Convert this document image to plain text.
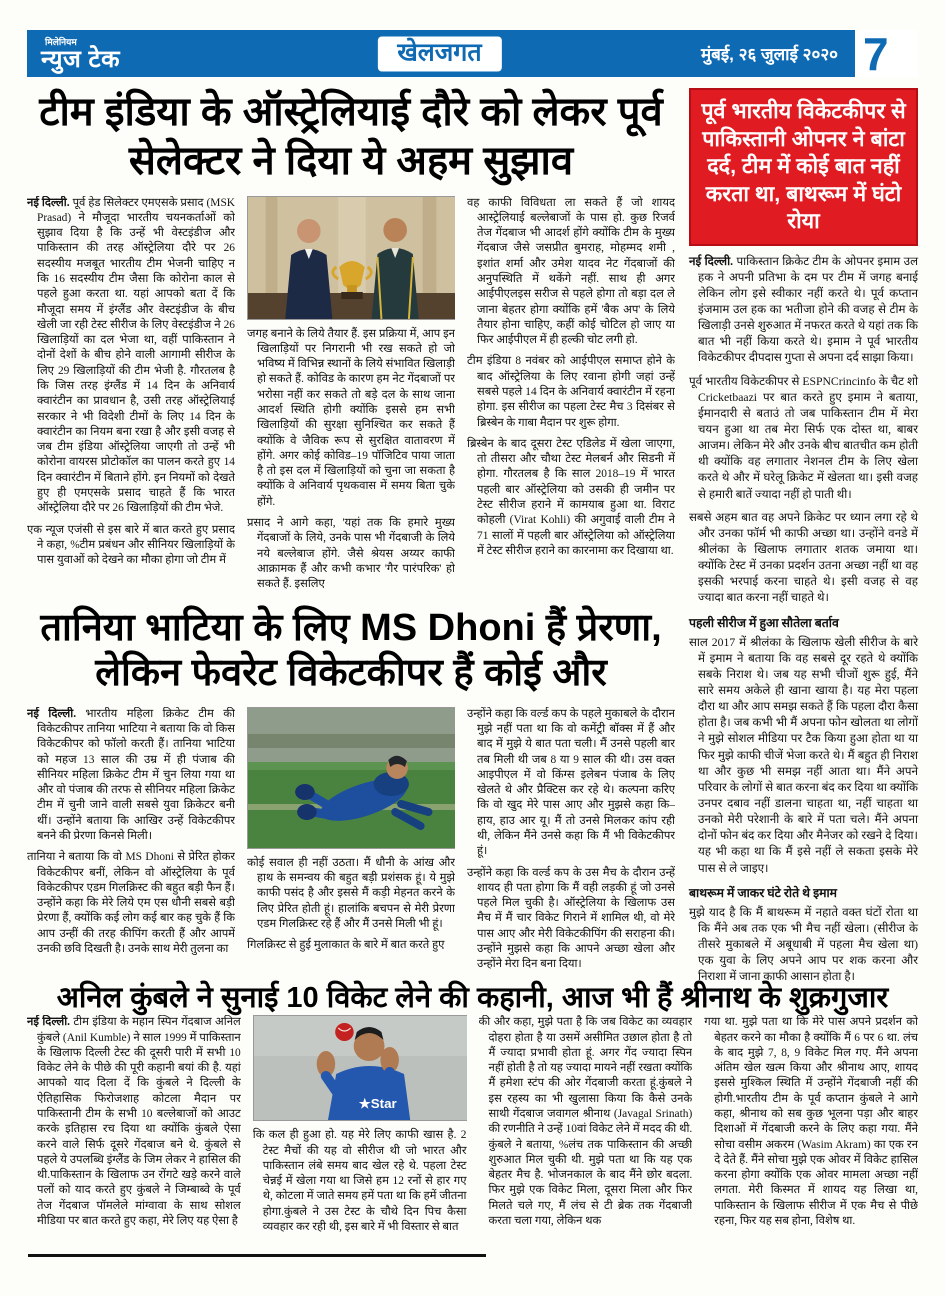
मिलेनियम
न्युज टेक	खेलजगत	मुंबई, २६ जुलाई २०२० 7
टीम इंडिया के ऑस्ट्रेलियाई दौरे को लेकर पूर्व सेलेक्टर ने दिया ये अहम सुझाव

नई दिल्ली. पूर्व हेड सिलेक्टर एमएसके प्रसाद (MSK Prasad) ने मौजूदा भारतीय चयनकर्ताओं को सुझाव दिया है कि उन्हें भी वेस्टइंडीज और पाकिस्तान की तरह ऑस्ट्रेलिया दौरे पर 26 सदस्यीय मजबूत भारतीय टीम भेजनी चाहिए न कि 16 सदस्यीय टीम जैसा कि कोरोना काल से पहले हुआ करता था. यहां आपको बता दें कि मौजूदा समय में इंग्लैंड और वेस्टइंडीज के बीच खेली जा रही टेस्ट सीरीज के लिए वेस्टइंडीज ने 26 खिलाड़ियों का दल भेजा था, वहीं पाकिस्तान ने दोनों देशों के बीच होने वाली आगामी सीरीज के लिए 29 खिलाड़ियों की टीम भेजी है. गौरतलब है कि जिस तरह इंग्लैंड में 14 दिन के अनिवार्य क्वारंटीन का प्रावधान है, उसी तरह ऑस्ट्रेलियाई सरकार ने भी विदेशी टीमों के लिए 14 दिन के क्वारंटीन का नियम बना रखा है और इसी वजह से जब टीम इंडिया ऑस्ट्रेलिया जाएगी तो उन्हें भी कोरोना वायरस प्रोटोकॉल का पालन करते हुए 14 दिन क्वारंटीन में बिताने होंगे. इन नियमों को देखते हुए ही एमएसके प्रसाद चाहते हैं कि भारत ऑस्ट्रेलिया दौरे पर 26 खिलाड़ियों की टीम भेजे.

एक न्यूज एजंसी से इस बारे में बात करते हुए प्रसाद ने कहा, %टीम प्रबंधन और सीनियर खिलाड़ियों के पास युवाओं को देखने का मौका होगा जो टीम में

जगह बनाने के लिये तैयार हैं. इस प्रक्रिया में, आप इन खिलाड़ियों पर निगरानी भी रख सकते हो जो भविष्य में विभिन्न स्थानों के लिये संभावित खिलाड़ी हो सकते हैं. कोविड के कारण हम नेट गेंदबाजों पर भरोसा नहीं कर सकते तो बड़े दल के साथ जाना आदर्श स्थिति होगी क्योंकि इससे हम सभी खिलाड़ियों की सुरक्षा सुनिश्चित कर सकते हैं क्योंकि वे जैविक रूप से सुरक्षित वातावरण में होंगे. अगर कोई कोविड–19 पॉजिटिव पाया जाता है तो इस दल में खिलाड़ियों को चुना जा सकता है क्योंकि वे अनिवार्य पृथकवास में समय बिता चुके होंगे.

प्रसाद ने आगे कहा, 'यहां तक कि हमारे मुख्य गेंदबाजों के लिये, उनके पास भी गेंदबाजी के लिये नये बल्लेबाज होंगे. जैसे श्रेयस अय्यर काफी आक्रामक हैं और कभी कभार 'गैर पारंपरिक' हो सकते हैं. इसलिए

वह काफी विविधता ला सकते हैं जो शायद आस्ट्रेलियाई बल्लेबाजों के पास हो. कुछ रिजर्व तेज गेंदबाज भी आदर्श होंगे क्योंकि टीम के मुख्य गेंदबाज जैसे जसप्रीत बुमराह, मोहम्मद शमी , इशांत शर्मा और उमेश यादव नेट गेंदबाजों की अनुपस्थिति में थकेंगे नहीं. साथ ही अगर आईपीएलइस सरीज से पहले होगा तो बड़ा दल ले जाना बेहतर होगा क्योंकि हमें 'बैक अप' के लिये तैयार होना चाहिए, कहीं कोई चोटिल हो जाए या फिर आईपीएल में ही हल्की चोट लगी हो.

टीम इंडिया 8 नवंबर को आईपीएल समाप्त होने के बाद ऑस्ट्रेलिया के लिए रवाना होगी जहां उन्हें सबसे पहले 14 दिन के अनिवार्य क्वारंटीन में रहना होगा. इस सीरीज का पहला टेस्ट मैच 3 दिसंबर से ब्रिस्बेन के गाबा मैदान पर शुरू होगा.

ब्रिस्बेन के बाद दूसरा टेस्ट एडिलेड में खेला जाएगा, तो तीसरा और चौथा टेस्ट मेलबर्न और सिडनी में होगा. गौरतलब है कि साल 2018–19 में भारत पहली बार ऑस्ट्रेलिया को उसकी ही जमीन पर टेस्ट सीरीज हराने में कामयाब हुआ था. विराट कोहली (Virat Kohli) की अगुवाई वाली टीम ने 71 सालों में पहली बार ऑस्ट्रेलिया को ऑस्ट्रेलिया में टेस्ट सीरीज हराने का कारनामा कर दिखाया था.

तानिया भाटिया के लिए MS Dhoni हैं प्रेरणा, लेकिन फेवरेट विकेटकीपर हैं कोई और

नई दिल्ली. भारतीय महिला क्रिकेट टीम की विकेटकीपर तानिया भाटिया ने बताया कि वो किस विकेटकीपर को फॉलो करती हैं। तानिया भाटिया को महज 13 साल की उम्र में ही पंजाब की सीनियर महिला क्रिकेट टीम में चुन लिया गया था और वो पंजाब की तरफ से सीनियर महिला क्रिकेट टीम में चुनी जाने वाली सबसे युवा क्रिकेटर बनी थीं। उन्होंने बताया कि आखिर उन्हें विकेटकीपर बनने की प्रेरणा किनसे मिली।

तानिया ने बताया कि वो MS Dhoni से प्रेरित होकर विकेटकीपर बनीं, लेकिन वो ऑस्ट्रेलिया के पूर्व विकेटकीपर एडम गिलक्रिस्ट की बहुत बड़ी फैन हैं। उन्होंने कहा कि मेरे लिये एम एस धौनी सबसे बड़ी प्रेरणा हैं, क्योंकि कई लोग कई बार कह चुके हैं कि आप उन्हीं की तरह कीपिंग करती हैं और आपमें उनकी छवि दिखती है। उनके साथ मेरी तुलना का

कोई सवाल ही नहीं उठता। मैं धौनी के आंख और हाथ के समन्वय की बहुत बड़ी प्रशंसक हूं। ये मुझे काफी पसंद है और इससे मैं कड़ी मेहनत करने के लिए प्रेरित होती हूं। हालांकि बचपन से मेरी प्रेरणा एडम गिलक्रिस्ट रहे हैं और मैं उनसे मिली भी हूं।

गिलक्रिस्ट से हुई मुलाकात के बारे में बात करते हुए

उन्होंने कहा कि वर्ल्ड कप के पहले मुकाबले के दौरान मुझे नहीं पता था कि वो कमेंट्री बॉक्स में हैं और बाद में मुझे ये बात पता चली। मैं उनसे पहली बार तब मिली थी जब 8 या 9 साल की थी। उस वक्त आइपीएल में वो किंग्स इलेबन पंजाब के लिए खेलते थे और प्रैक्टिस कर रहे थे। कल्पना करिए कि वो खुद मेरे पास आए और मुझसे कहा कि– हाय, हाउ आर यू। मैं तो उनसे मिलकर कांप रही थी, लेकिन मैंने उनसे कहा कि मैं भी विकेटकीपर हूं।

उन्होंने कहा कि वर्ल्ड कप के उस मैच के दौरान उन्हें शायद ही पता होगा कि मैं वही लड़की हूं जो उनसे पहले मिल चुकी है। ऑस्ट्रेलिया के खिलाफ उस मैच में मैं चार विकेट गिराने में शामिल थी, वो मेरे पास आए और मेरी विकेटकीपिंग की सराहना की। उन्होंने मुझसे कहा कि आपने अच्छा खेला और उन्होंने मेरा दिन बना दिया।

पूर्व भारतीय विकेटकीपर से पाकिस्तानी ओपनर ने बांटा दर्द, टीम में कोई बात नहीं करता था, बाथरूम में घंटो रोया

नई दिल्ली. पाकिस्तान क्रिकेट टीम के ओपनर इमाम उल हक ने अपनी प्रतिभा के दम पर टीम में जगह बनाई लेकिन लोग इसे स्वीकार नहीं करते थे। पूर्व कप्तान इंजमाम उल हक का भतीजा होने की वजह से टीम के खिलाड़ी उनसे शुरुआत में नफरत करते थे यहां तक कि बात भी नहीं किया करते थे। इमाम ने पूर्व भारतीय विकेटकीपर दीपदास गुप्ता से अपना दर्द साझा किया।

पूर्व भारतीय विकेटकीपर से ESPNCrincinfo के चैट शो Cricketbaazi पर बात करते हुए इमाम ने बताया, ईमानदारी से बताउं तो जब पाकिस्तान टीम में मेरा चयन हुआ था तब मेरा सिर्फ एक दोस्त था, बाबर आजम। लेकिन मेरे और उनके बीच बातचीत कम होती थी क्योंकि वह लगातार नेशनल टीम के लिए खेला करते थे और में घरेलू क्रिकेट में खेलता था। इसी वजह से हमारी बातें ज्यादा नहीं हो पाती थी।

सबसे अहम बात वह अपने क्रिकेट पर ध्यान लगा रहे थे और उनका फॉर्म भी काफी अच्छा था। उन्होंने वनडे में श्रीलंका के खिलाफ लगातार शतक जमाया था। क्योंकि टेस्ट में उनका प्रदर्शन उतना अच्छा नहीं था वह इसकी भरपाई करना चाहते थे। इसी वजह से वह ज्यादा बात करना नहीं चाहते थे।

पहली सीरीज में हुआ सौतेला बर्ताव

साल 2017 में श्रीलंका के खिलाफ खेली सीरीज के बारे में इमाम ने बताया कि वह सबसे दूर रहते थे क्योंकि सबके निराश थे। जब यह सभी चीजों शुरू हुई, मैंने सारे समय अकेले ही खाना खाया है। यह मेरा पहला दौरा था और आप समझ सकते हैं कि पहला दौरा कैसा होता है। जब कभी भी मैं अपना फोन खोलता था लोगों ने मुझे सोशल मीडिया पर टैक किया हुआ होता था या फिर मुझे काफी चीजें भेजा करते थे। मैं बहुत ही निराश था और कुछ भी समझ नहीं आता था। मैंने अपने परिवार के लोगों से बात करना बंद कर दिया था क्योंकि उनपर दबाव नहीं डालना चाहता था, नहीं चाहता था उनको मेरी परेशानी के बारे में पता चले। मैंने अपना दोनों फोन बंद कर दिया और मैनेजर को रखने दे दिया। यह भी कहा था कि मैं इसे नहीं ले सकता इसके मेरे पास से ले जाइए।

बाथरूम में जाकर घंटे रोते थे इमाम

मुझे याद है कि मैं बाथरूम में नहाते वक्त घंटों रोता था कि मैंने अब तक एक भी मैच नहीं खेला। (सीरीज के तीसरे मुकाबले में अबूधाबी में पहला मैच खेला था) एक युवा के लिए अपने आप पर शक करना और निराशा में जाना काफी आसान होता है।

अनिल कुंबले ने सुनाई 10 विकेट लेने की कहानी, आज भी हैं श्रीनाथ के शुक्रगुजार

नई दिल्ली. टीम इंडिया के महान स्पिन गेंदबाज अनिल कुंबले (Anil Kumble) ने साल 1999 में पाकिस्तान के खिलाफ दिल्ली टेस्ट की दूसरी पारी में सभी 10 विकेट लेने के पीछे की पूरी कहानी बयां की है. यहां आपको याद दिला दें कि कुंबले ने दिल्ली के ऐतिहासिक फिरोजशाह कोटला मैदान पर पाकिस्तानी टीम के सभी 10 बल्लेबाजों को आउट करके इतिहास रच दिया था क्योंकि कुंबले ऐसा करने वाले सिर्फ दूसरे गेंदबाज बने थे. कुंबले से पहले ये उपलब्धि इंग्लैंड के जिम लेकर ने हासिल की थी.पाकिस्तान के खिलाफ उन रोंगटे खड़े करने वाले पलों को याद करते हुए कुंबले ने जिम्बाब्वे के पूर्व तेज गेंदबाज पॉमलेले मांग्वावा के साथ सोशल मीडिया पर बात करते हुए कहा, मेरे लिए यह ऐसा है

★Star

कि कल ही हुआ हो. यह मेरे लिए काफी खास है. 2 टेस्ट मैचों की यह वो सीरीज थी जो भारत और पाकिस्तान लंबे समय बाद खेल रहे थे. पहला टेस्ट चेन्नई में खेला गया था जिसे हम 12 रनों से हार गए थे, कोटला में जाते समय हमें पता था कि हमें जीतना होगा.कुंबले ने उस टेस्ट के चौथे दिन पिच कैसा व्यवहार कर रही थी, इस बारे में भी विस्तार से बात

की और कहा, मुझे पता है कि जब विकेट का व्यवहार दोहरा होता है या उसमें असीमित उछाल होता है तो मैं ज्यादा प्रभावी होता हूं. अगर गेंद ज्यादा स्पिन नहीं होती है तो यह ज्यादा मायने नहीं रखता क्योंकि मैं हमेशा स्टंप की ओर गेंदबाजी करता हूं.कुंबले ने इस रहस्य का भी खुलासा किया कि कैसे उनके साथी गेंदबाज जवागल श्रीनाथ (Javagal Srinath) की रणनीति ने उन्हें 10वां विकेट लेने में मदद की थी. कुंबले ने बताया, %लंच तक पाकिस्तान की अच्छी शुरुआत मिल चुकी थी. मुझे पता था कि यह एक बेहतर मैच है. भोजनकाल के बाद मैंने छोर बदला. फिर मुझे एक विकेट मिला, दूसरा मिला और फिर मिलते चले गए, मैं लंच से टी ब्रेक तक गेंदबाजी करता चला गया, लेकिन थक

गया था. मुझे पता था कि मेरे पास अपने प्रदर्शन को बेहतर करने का मौका है क्योंकि मैं 6 पर 6 था. लंच के बाद मुझे 7, 8, 9 विकेट मिल गए. मैंने अपना अंतिम खेल खत्म किया और श्रीनाथ आए, शायद इससे मुश्किल स्थिति में उन्होंने गेंदबाजी नहीं की होगी.भारतीय टीम के पूर्व कप्तान कुंबले ने आगे कहा, श्रीनाथ को सब कुछ भूलना पड़ा और बाहर दिशाओं में गेंदबाजी करने के लिए कहा गया. मैंने सोचा वसीम अकरम (Wasim Akram) का एक रन दे देते हैं. मैंने सोचा मुझे एक ओवर में विकेट हासिल करना होगा क्योंकि एक ओवर मामला अच्छा नहीं लगता. मेरी किस्मत में शायद यह लिखा था, पाकिस्तान के खिलाफ सीरीज में एक मैच से पीछे रहना, फिर यह सब होना, विशेष था.
